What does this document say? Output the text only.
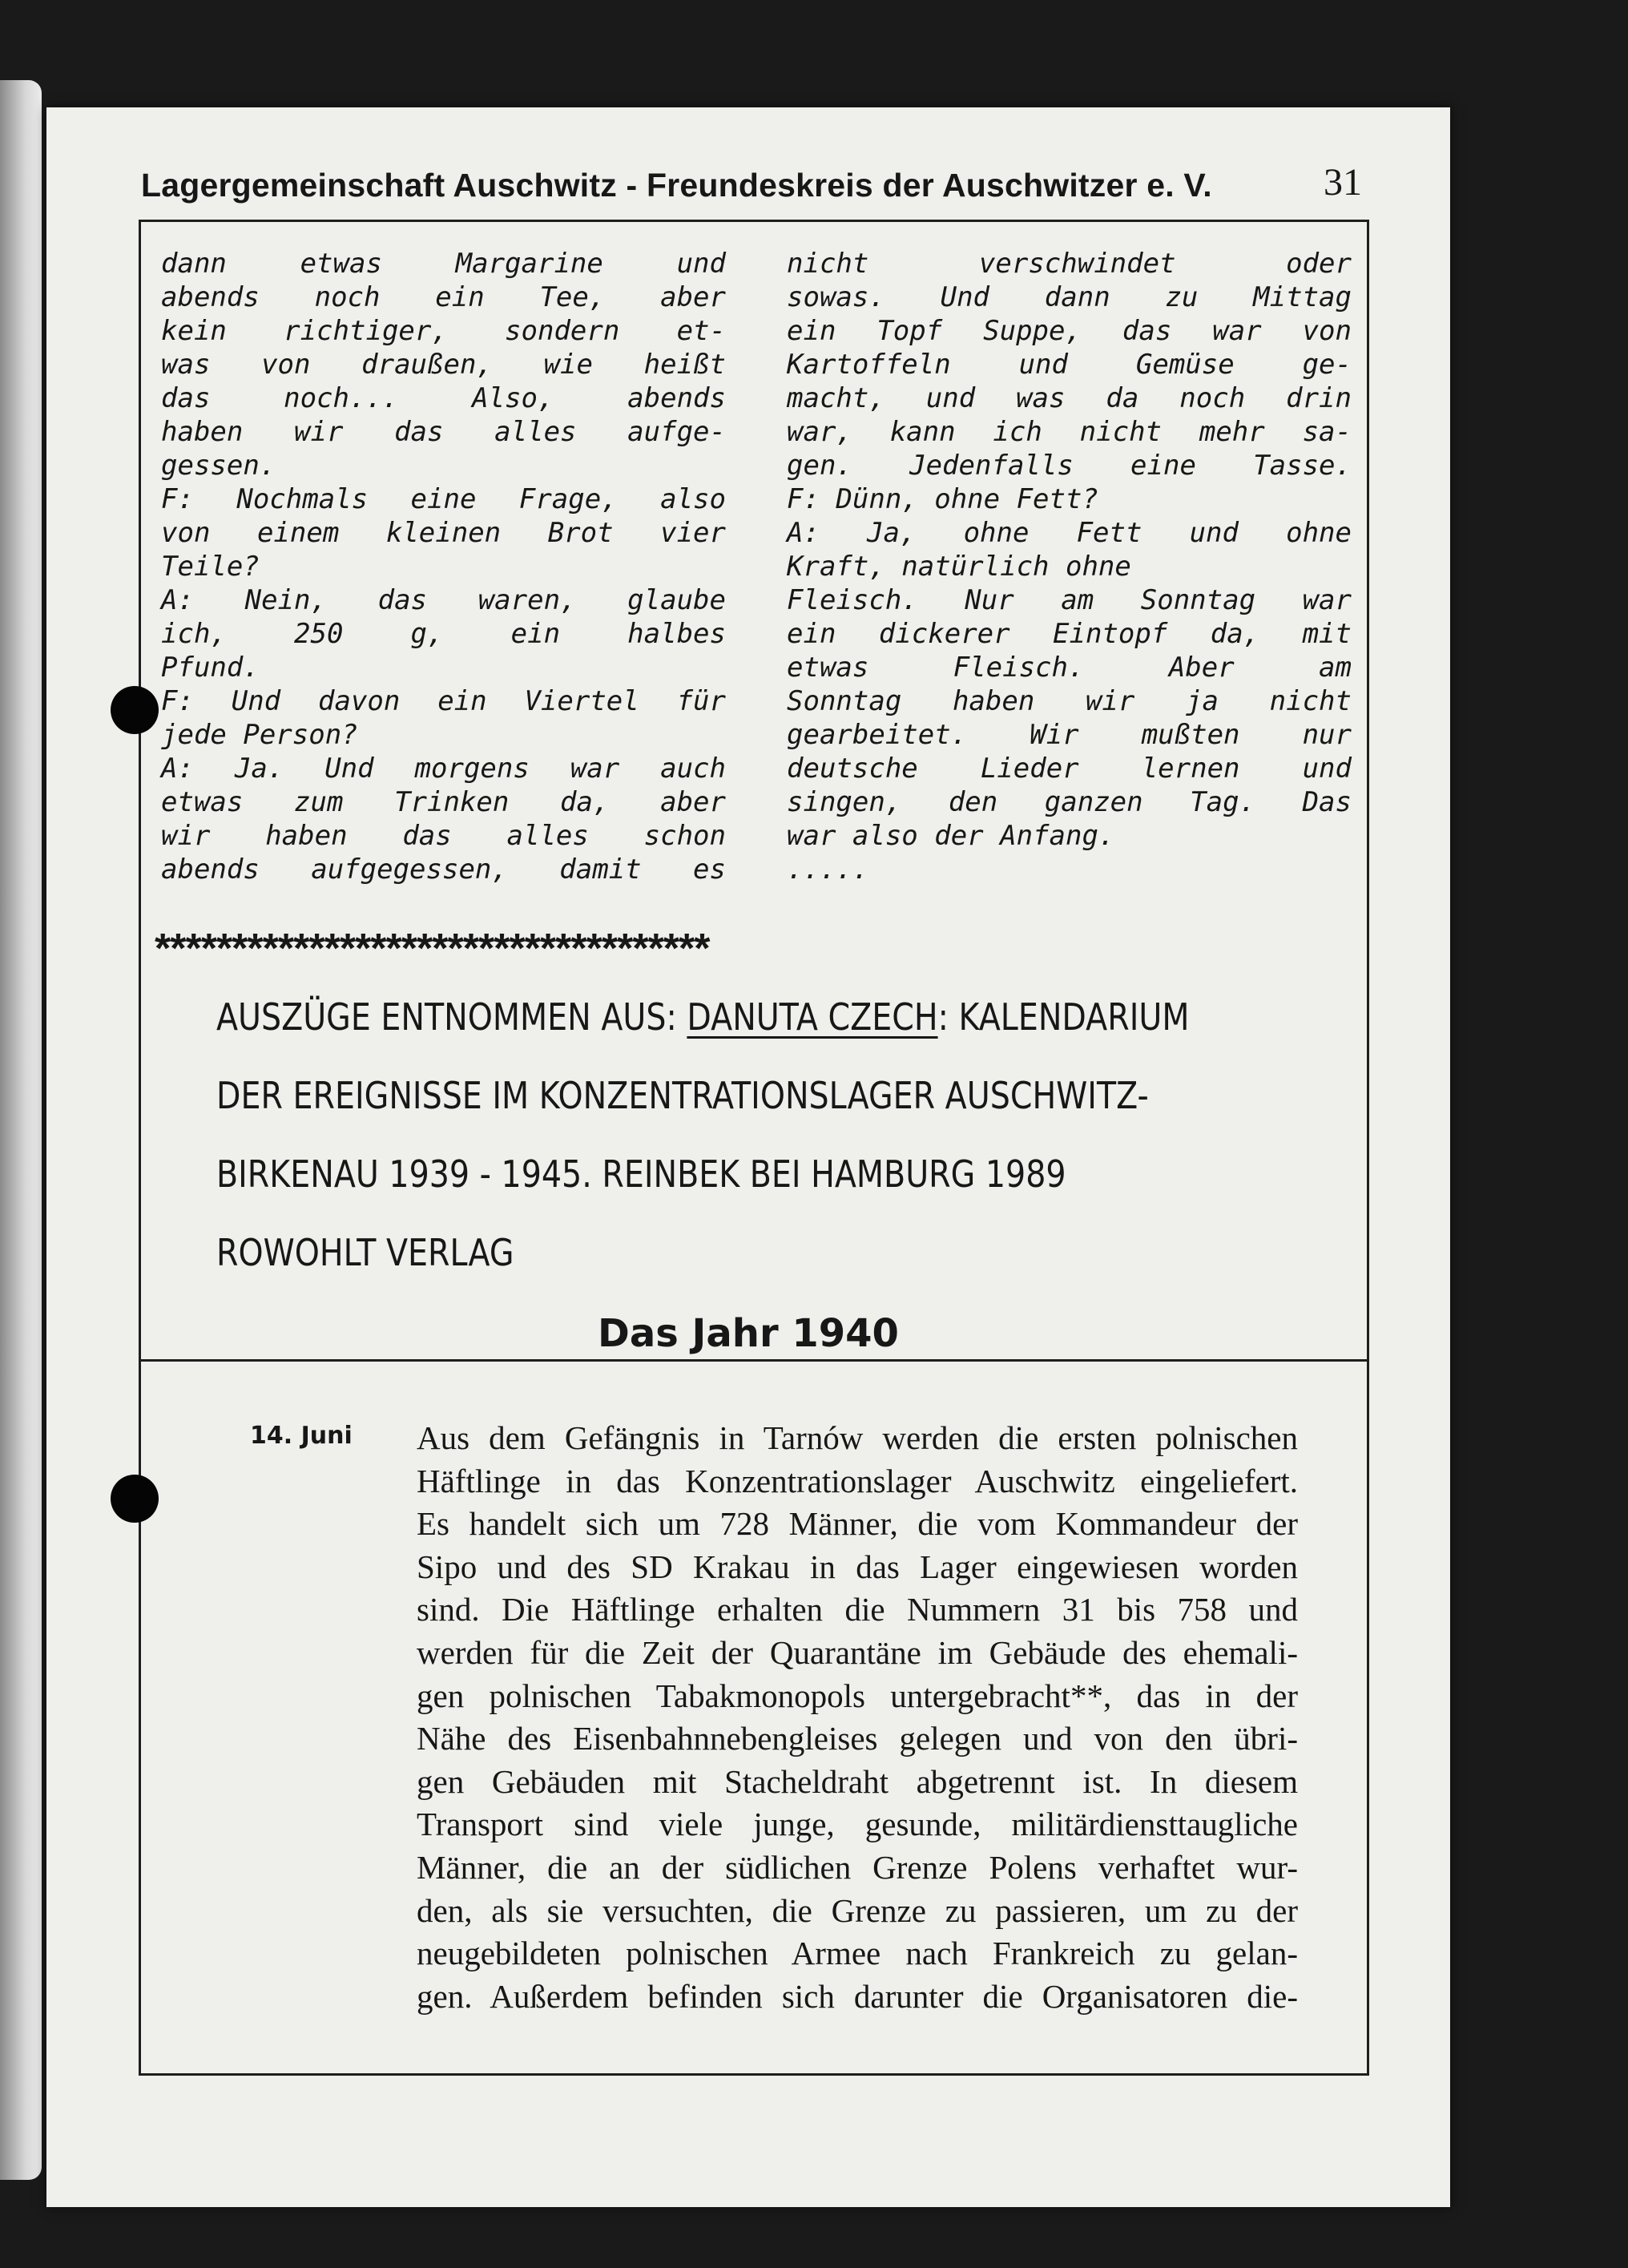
Lagergemeinschaft Auschwitz - Freundeskreis der Auschwitzer e. V.	31
dann etwas Margarine und
abends noch ein Tee, aber
kein richtiger, sondern et-
was von draußen, wie heißt
das noch... Also, abends
haben wir das alles aufge-
gessen.
F: Nochmals eine Frage, also
von einem kleinen Brot vier
Teile?
A: Nein, das waren, glaube
ich, 250 g, ein halbes
Pfund.
F: Und davon ein Viertel für
jede Person?
A: Ja. Und morgens war auch
etwas zum Trinken da, aber
wir haben das alles schon
abends aufgegessen, damit es
nicht verschwindet oder
sowas. Und dann zu Mittag
ein Topf Suppe, das war von
Kartoffeln und Gemüse ge-
macht, und was da noch drin
war, kann ich nicht mehr sa-
gen. Jedenfalls eine Tasse.
F: Dünn, ohne Fett?
A: Ja, ohne Fett und ohne
Kraft, natürlich ohne
Fleisch. Nur am Sonntag war
ein dickerer Eintopf da, mit
etwas Fleisch. Aber am
Sonntag haben wir ja nicht
gearbeitet. Wir mußten nur
deutsche Lieder lernen und
singen, den ganzen Tag. Das
war also der Anfang.
.....
************************************
AUSZÜGE ENTNOMMEN AUS: DANUTA CZECH: KALENDARIUM
DER EREIGNISSE IM KONZENTRATIONSLAGER AUSCHWITZ-
BIRKENAU 1939 - 1945. REINBEK BEI HAMBURG 1989
ROWOHLT VERLAG
Das Jahr 1940
14. Juni Aus dem Gefängnis in Tarnów werden die ersten polnischen
Häftlinge in das Konzentrationslager Auschwitz eingeliefert.
Es handelt sich um 728 Männer, die vom Kommandeur der
Sipo und des SD Krakau in das Lager eingewiesen worden
sind. Die Häftlinge erhalten die Nummern 31 bis 758 und
werden für die Zeit der Quarantäne im Gebäude des ehemali-
gen polnischen Tabakmonopols untergebracht**, das in der
Nähe des Eisenbahnnebengleises gelegen und von den übri-
gen Gebäuden mit Stacheldraht abgetrennt ist. In diesem
Transport sind viele junge, gesunde, militärdiensttaugliche
Männer, die an der südlichen Grenze Polens verhaftet wur-
den, als sie versuchten, die Grenze zu passieren, um zu der
neugebildeten polnischen Armee nach Frankreich zu gelan-
gen. Außerdem befinden sich darunter die Organisatoren die-
